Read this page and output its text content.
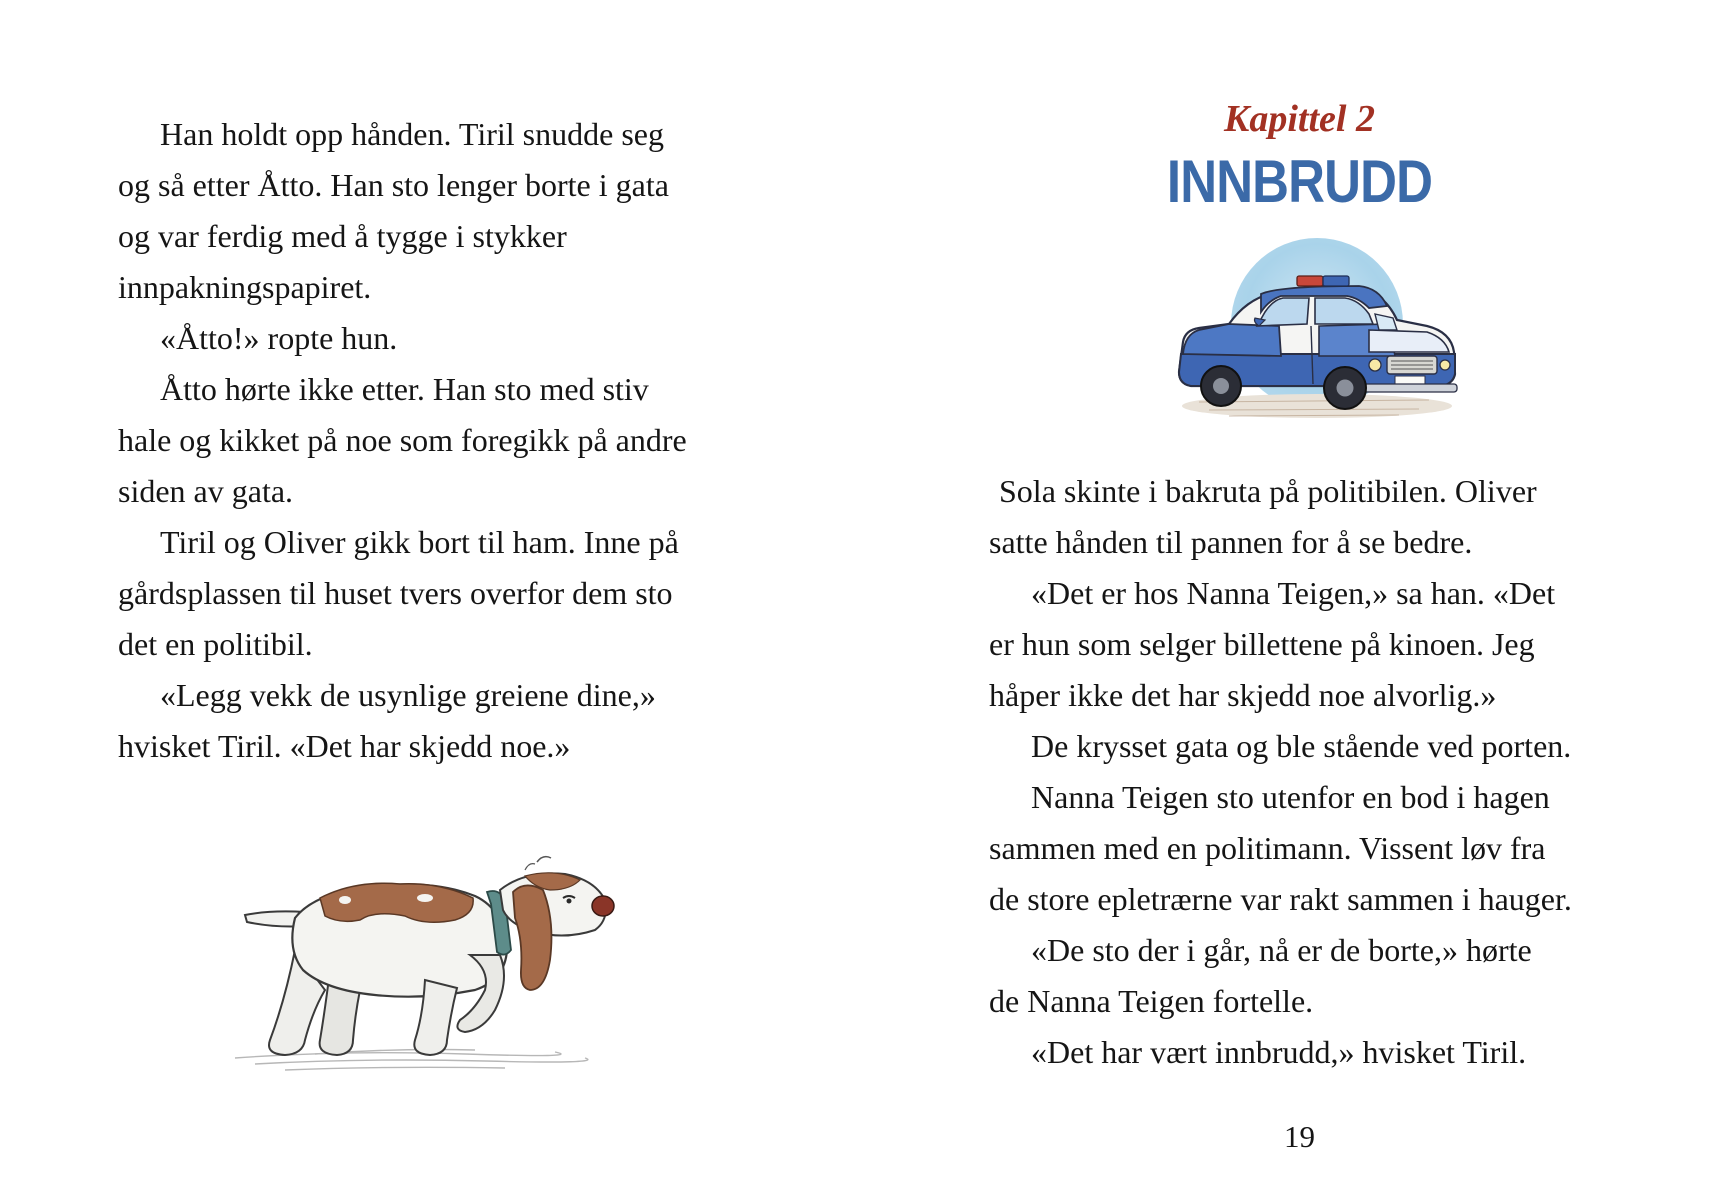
Han holdt opp hånden. Tiril snudde seg
og så etter Åtto. Han sto lenger borte i gata
og var ferdig med å tygge i stykker
innpakningspapiret.

«Åtto!» ropte hun.

Åtto hørte ikke etter. Han sto med stiv
hale og kikket på noe som foregikk på andre
siden av gata.

Tiril og Oliver gikk bort til ham. Inne på
gårdsplassen til huset tvers overfor dem sto
det en politibil.

«Legg vekk de usynlige greiene dine,»
hvisket Tiril. «Det har skjedd noe.»

Kapittel 2
INNBRUDD

Sola skinte i bakruta på politibilen. Oliver
satte hånden til pannen for å se bedre.

«Det er hos Nanna Teigen,» sa han. «Det
er hun som selger billettene på kinoen. Jeg
håper ikke det har skjedd noe alvorlig.»

De krysset gata og ble stående ved porten.

Nanna Teigen sto utenfor en bod i hagen
sammen med en politimann. Vissent løv fra
de store epletrærne var rakt sammen i hauger.

«De sto der i går, nå er de borte,» hørte
de Nanna Teigen fortelle.

«Det har vært innbrudd,» hvisket Tiril.

19
